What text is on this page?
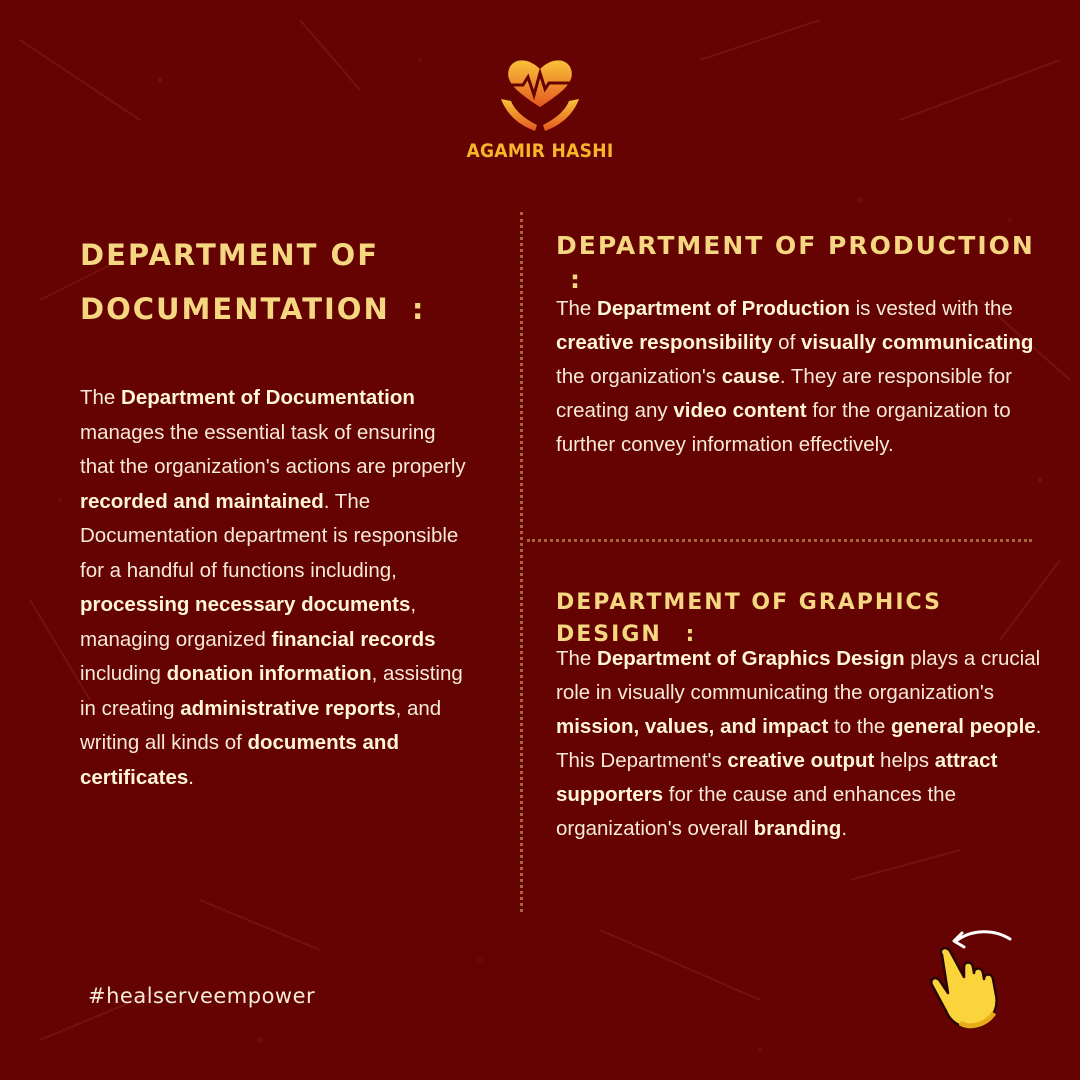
AGAMIR HASHI
DEPARTMENT OF
DOCUMENTATION :

The Department of Documentation manages the essential task of ensuring that the organization's actions are properly recorded and maintained. The Documentation department is responsible for a handful of functions including, processing necessary documents, managing organized financial records including donation information, assisting in creating administrative reports, and writing all kinds of documents and certificates.

DEPARTMENT OF PRODUCTION :

The Department of Production is vested with the creative responsibility of visually communicating the organization's cause. They are responsible for creating any video content for the organization to further convey information effectively.

DEPARTMENT OF GRAPHICS DESIGN :

The Department of Graphics Design plays a crucial role in visually communicating the organization's mission, values, and impact to the general people. This Department's creative output helps attract supporters for the cause and enhances the organization's overall branding.

#healserveempower
